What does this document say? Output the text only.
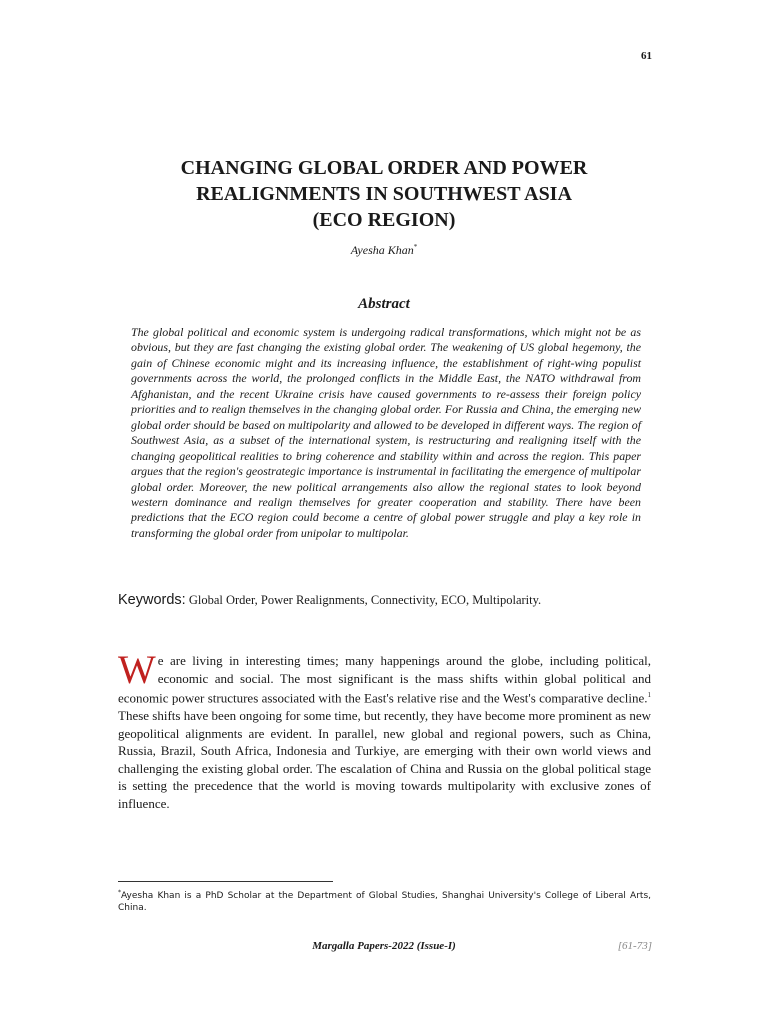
61
CHANGING GLOBAL ORDER AND POWER
REALIGNMENTS IN SOUTHWEST ASIA
(ECO REGION)
Ayesha Khan*
Abstract

The global political and economic system is undergoing radical transformations, which might not be as obvious, but they are fast changing the existing global order. The weakening of US global hegemony, the gain of Chinese economic might and its increasing influence, the establishment of right-wing populist governments across the world, the prolonged conflicts in the Middle East, the NATO withdrawal from Afghanistan, and the recent Ukraine crisis have caused governments to re-assess their foreign policy priorities and to realign themselves in the changing global order. For Russia and China, the emerging new global order should be based on multipolarity and allowed to be developed in different ways. The region of Southwest Asia, as a subset of the international system, is restructuring and realigning itself with the changing geopolitical realities to bring coherence and stability within and across the region. This paper argues that the region's geostrategic importance is instrumental in facilitating the emergence of multipolar global order. Moreover, the new political arrangements also allow the regional states to look beyond western dominance and realign themselves for greater cooperation and stability. There have been predictions that the ECO region could become a centre of global power struggle and play a key role in transforming the global order from unipolar to multipolar.

Keywords: Global Order, Power Realignments, Connectivity, ECO, Multipolarity.

We are living in interesting times; many happenings around the globe, including political, economic and social. The most significant is the mass shifts within global political and economic power structures associated with the East's relative rise and the West's comparative decline.$^1$ These shifts have been ongoing for some time, but recently, they have become more prominent as new geopolitical alignments are evident. In parallel, new global and regional powers, such as China, Russia, Brazil, South Africa, Indonesia and Turkiye, are emerging with their own world views and challenging the existing global order. The escalation of China and Russia on the global political stage is setting the precedence that the world is moving towards multipolarity with exclusive zones of influence.

*Ayesha Khan is a PhD Scholar at the Department of Global Studies, Shanghai University's College of Liberal Arts, China.

Margalla Papers-2022 (Issue-I)	[61-73]
